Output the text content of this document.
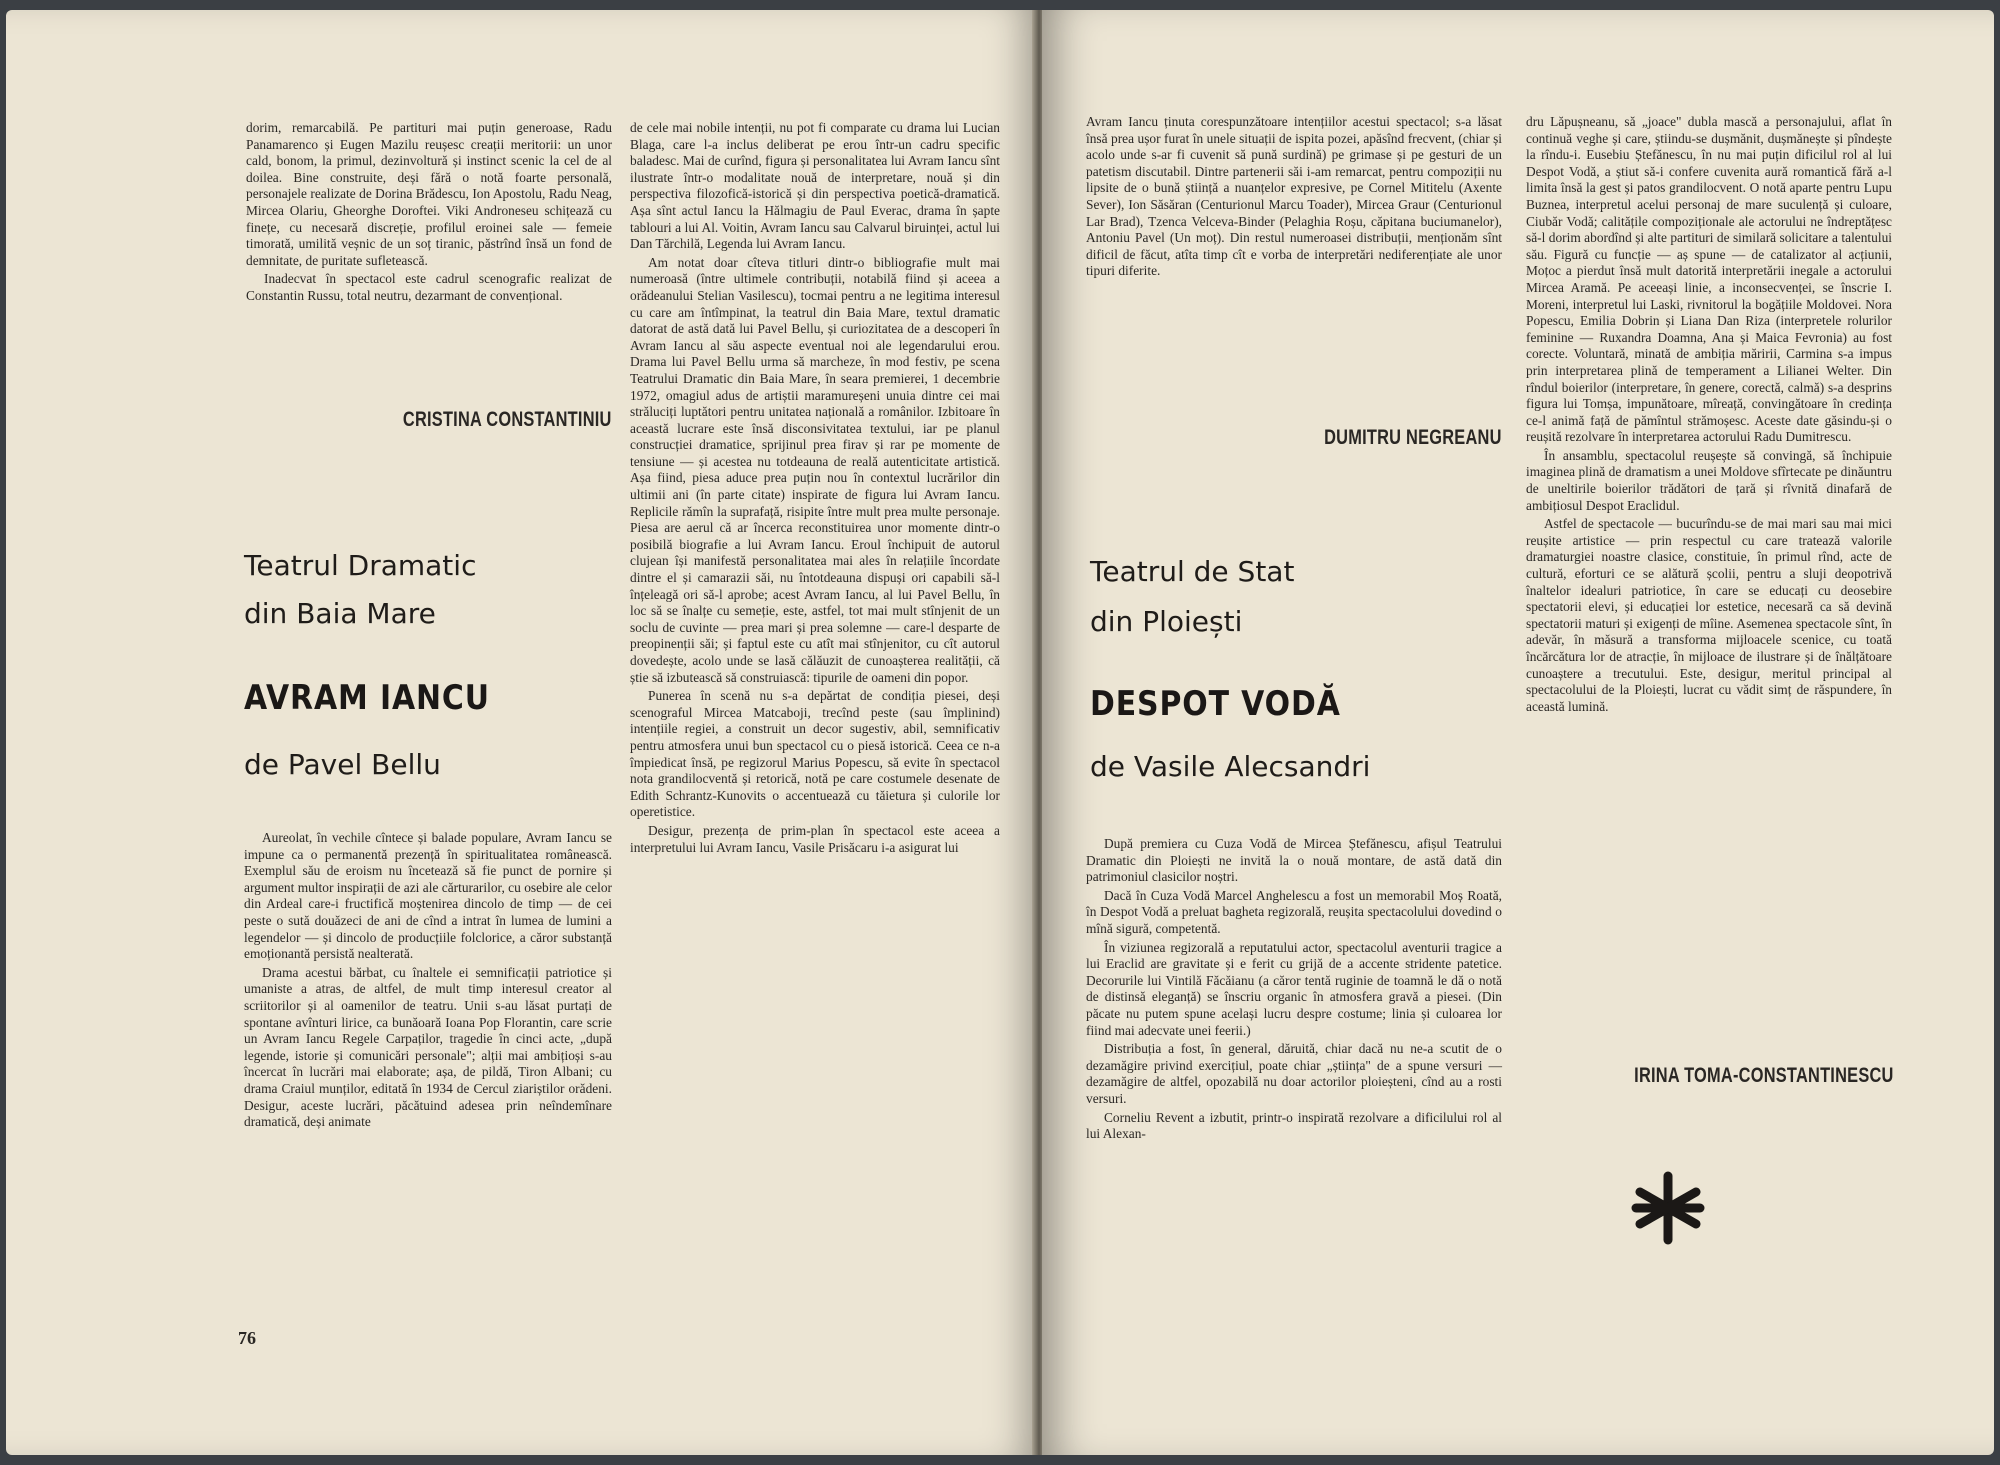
dorim, remarcabilă. Pe partituri mai puțin generoase, Radu Panamarenco și Eugen Mazilu reușesc creații meritorii: un unor cald, bonom, la primul, dezinvoltură și instinct scenic la cel de al doilea. Bine construite, deși fără o notă foarte personală, personajele realizate de Dorina Brădescu, Ion Apostolu, Radu Neag, Mircea Olariu, Gheorghe Doroftei. Viki Androneseu schițează cu finețe, cu necesară discreție, profilul eroinei sale — femeie timorată, umilită veșnic de un soț tiranic, păstrînd însă un fond de demnitate, de puritate sufletească.

Inadecvat în spectacol este cadrul scenografic realizat de Constantin Russu, total neutru, dezarmant de convențional.

CRISTINA CONSTANTINIU
Teatrul Dramatic
din Baia Mare
AVRAM IANCU
de Pavel Bellu

Aureolat, în vechile cîntece și balade populare, Avram Iancu se impune ca o permanentă prezență în spiritualitatea românească. Exemplul său de eroism nu încetează să fie punct de pornire și argument multor inspirații de azi ale cărturarilor, cu osebire ale celor din Ardeal care-i fructifică moștenirea dincolo de timp — de cei peste o sută douăzeci de ani de cînd a intrat în lumea de lumini a legendelor — și dincolo de producțiile folclorice, a căror substanță emoționantă persistă nealterată.

Drama acestui bărbat, cu înaltele ei semnificații patriotice și umaniste a atras, de altfel, de mult timp interesul creator al scriitorilor și al oamenilor de teatru. Unii s-au lăsat purtați de spontane avînturi lirice, ca bunăoară Ioana Pop Florantin, care scrie un Avram Iancu Regele Carpaților, tragedie în cinci acte, „după legende, istorie și comunicări personale"; alții mai ambițioși s-au încercat în lucrări mai elaborate; așa, de pildă, Tiron Albani; cu drama Craiul munților, editată în 1934 de Cercul ziariștilor orădeni. Desigur, aceste lucrări, păcătuind adesea prin neîndemînare dramatică, deși animate

de cele mai nobile intenții, nu pot fi comparate cu drama lui Lucian Blaga, care l-a inclus deliberat pe erou într-un cadru specific baladesc. Mai de curînd, figura și personalitatea lui Avram Iancu sînt ilustrate într-o modalitate nouă de interpretare, nouă și din perspectiva filozofică-istorică și din perspectiva poetică-dramatică. Așa sînt actul Iancu la Hălmagiu de Paul Everac, drama în șapte tablouri a lui Al. Voitin, Avram Iancu sau Calvarul biruinței, actul lui Dan Tărchilă, Legenda lui Avram Iancu.

Am notat doar cîteva titluri dintr-o bibliografie mult mai numeroasă (între ultimele contribuții, notabilă fiind și aceea a orădeanului Stelian Vasilescu), tocmai pentru a ne legitima interesul cu care am întîmpinat, la teatrul din Baia Mare, textul dramatic datorat de astă dată lui Pavel Bellu, și curiozitatea de a descoperi în Avram Iancu al său aspecte eventual noi ale legendarului erou. Drama lui Pavel Bellu urma să marcheze, în mod festiv, pe scena Teatrului Dramatic din Baia Mare, în seara premierei, 1 decembrie 1972, omagiul adus de artiștii maramureșeni unuia dintre cei mai străluciți luptători pentru unitatea națională a românilor. Izbitoare în această lucrare este însă disconsivitatea textului, iar pe planul construcției dramatice, sprijinul prea firav și rar pe momente de tensiune — și acestea nu totdeauna de reală autenticitate artistică. Așa fiind, piesa aduce prea puțin nou în contextul lucrărilor din ultimii ani (în parte citate) inspirate de figura lui Avram Iancu. Replicile rămîn la suprafață, risipite între mult prea multe personaje. Piesa are aerul că ar încerca reconstituirea unor momente dintr-o posibilă biografie a lui Avram Iancu. Eroul închipuit de autorul clujean își manifestă personalitatea mai ales în relațiile încordate dintre el și camarazii săi, nu întotdeauna dispuși ori capabili să-l înțeleagă ori să-l aprobe; acest Avram Iancu, al lui Pavel Bellu, în loc să se înalțe cu semeție, este, astfel, tot mai mult stînjenit de un soclu de cuvinte — prea mari și prea solemne — care-l desparte de preopinenții săi; și faptul este cu atît mai stînjenitor, cu cît autorul dovedește, acolo unde se lasă călăuzit de cunoașterea realității, că știe să izbutească să construiască: tipurile de oameni din popor.

Punerea în scenă nu s-a depărtat de condiția piesei, deși scenograful Mircea Matcaboji, trecînd peste (sau împlinind) intențiile regiei, a construit un decor sugestiv, abil, semnificativ pentru atmosfera unui bun spectacol cu o piesă istorică. Ceea ce n-a împiedicat însă, pe regizorul Marius Popescu, să evite în spectacol nota grandilocventă și retorică, notă pe care costumele desenate de Edith Schrantz-Kunovits o accentuează cu tăietura și culorile lor operetistice.

Desigur, prezența de prim-plan în spectacol este aceea a interpretului lui Avram Iancu, Vasile Prisăcaru i-a asigurat lui

76

Avram Iancu ținuta corespunzătoare intențiilor acestui spectacol; s-a lăsat însă prea ușor furat în unele situații de ispita pozei, apăsînd frecvent, (chiar și acolo unde s-ar fi cuvenit să pună surdină) pe grimase și pe gesturi de un patetism discutabil. Dintre partenerii săi i-am remarcat, pentru compoziții nu lipsite de o bună știință a nuanțelor expresive, pe Cornel Mititelu (Axente Sever), Ion Săsăran (Centurionul Marcu Toader), Mircea Graur (Centurionul Lar Brad), Tzenca Velceva-Binder (Pelaghia Roșu, căpitana buciumanelor), Antoniu Pavel (Un moț). Din restul numeroasei distribuții, menționăm sînt dificil de făcut, atîta timp cît e vorba de interpretări nediferențiate ale unor tipuri diferite.

DUMITRU NEGREANU
Teatrul de Stat
din Ploiești
DESPOT VODĂ
de Vasile Alecsandri

După premiera cu Cuza Vodă de Mircea Ștefănescu, afișul Teatrului Dramatic din Ploiești ne invită la o nouă montare, de astă dată din patrimoniul clasicilor noștri.

Dacă în Cuza Vodă Marcel Anghelescu a fost un memorabil Moș Roată, în Despot Vodă a preluat bagheta regizorală, reușita spectacolului dovedind o mînă sigură, competentă.

În viziunea regizorală a reputatului actor, spectacolul aventurii tragice a lui Eraclid are gravitate și e ferit cu grijă de a accente stridente patetice. Decorurile lui Vintilă Făcăianu (a căror tentă ruginie de toamnă le dă o notă de distinsă eleganță) se înscriu organic în atmosfera gravă a piesei. (Din păcate nu putem spune același lucru despre costume; linia și culoarea lor fiind mai adecvate unei feerii.)

Distribuția a fost, în general, dăruită, chiar dacă nu ne-a scutit de o dezamăgire privind exercițiul, poate chiar „știința" de a spune versuri — dezamăgire de altfel, opozabilă nu doar actorilor ploieșteni, cînd au a rosti versuri.

Corneliu Revent a izbutit, printr-o inspirată rezolvare a dificilului rol al lui Alexan-

dru Lăpușneanu, să „joace" dubla mască a personajului, aflat în continuă veghe și care, știindu-se dușmănit, dușmănește și pîndește la rîndu-i. Eusebiu Ștefănescu, în nu mai puțin dificilul rol al lui Despot Vodă, a știut să-i confere cuvenita aură romantică fără a-l limita însă la gest și patos grandilocvent. O notă aparte pentru Lupu Buznea, interpretul acelui personaj de mare suculență și culoare, Ciubăr Vodă; calitățile compoziționale ale actorului ne îndreptățesc să-l dorim abordînd și alte partituri de similară solicitare a talentului său. Figură cu funcție — aș spune — de catalizator al acțiunii, Moțoc a pierdut însă mult datorită interpretării inegale a actorului Mircea Aramă. Pe aceeași linie, a inconsecvenței, se înscrie I. Moreni, interpretul lui Laski, rivnitorul la bogățiile Moldovei. Nora Popescu, Emilia Dobrin și Liana Dan Riza (interpretele rolurilor feminine — Ruxandra Doamna, Ana și Maica Fevronia) au fost corecte. Voluntară, minată de ambiția măririi, Carmina s-a impus prin interpretarea plină de temperament a Lilianei Welter. Din rîndul boierilor (interpretare, în genere, corectă, calmă) s-a desprins figura lui Tomșa, impunătoare, mîreață, convingătoare în credința ce-l animă față de pămîntul strămoșesc. Aceste date găsindu-și o reușită rezolvare în interpretarea actorului Radu Dumitrescu.

În ansamblu, spectacolul reușește să convingă, să închipuie imaginea plină de dramatism a unei Moldove sfîrtecate pe dinăuntru de uneltirile boierilor trădători de țară și rîvnită dinafară de ambițiosul Despot Eraclidul.

Astfel de spectacole — bucurîndu-se de mai mari sau mai mici reușite artistice — prin respectul cu care tratează valorile dramaturgiei noastre clasice, constituie, în primul rînd, acte de cultură, eforturi ce se alătură școlii, pentru a sluji deopotrivă înaltelor idealuri patriotice, în care se educați cu deosebire spectatorii elevi, și educației lor estetice, necesară ca să devină spectatorii maturi și exigenți de mîine. Asemenea spectacole sînt, în adevăr, în măsură a transforma mijloacele scenice, cu toată încărcătura lor de atracție, în mijloace de ilustrare și de înălțătoare cunoaștere a trecutului. Este, desigur, meritul principal al spectacolului de la Ploiești, lucrat cu vădit simț de răspundere, în această lumină.

IRINA TOMA-CONSTANTINESCU
